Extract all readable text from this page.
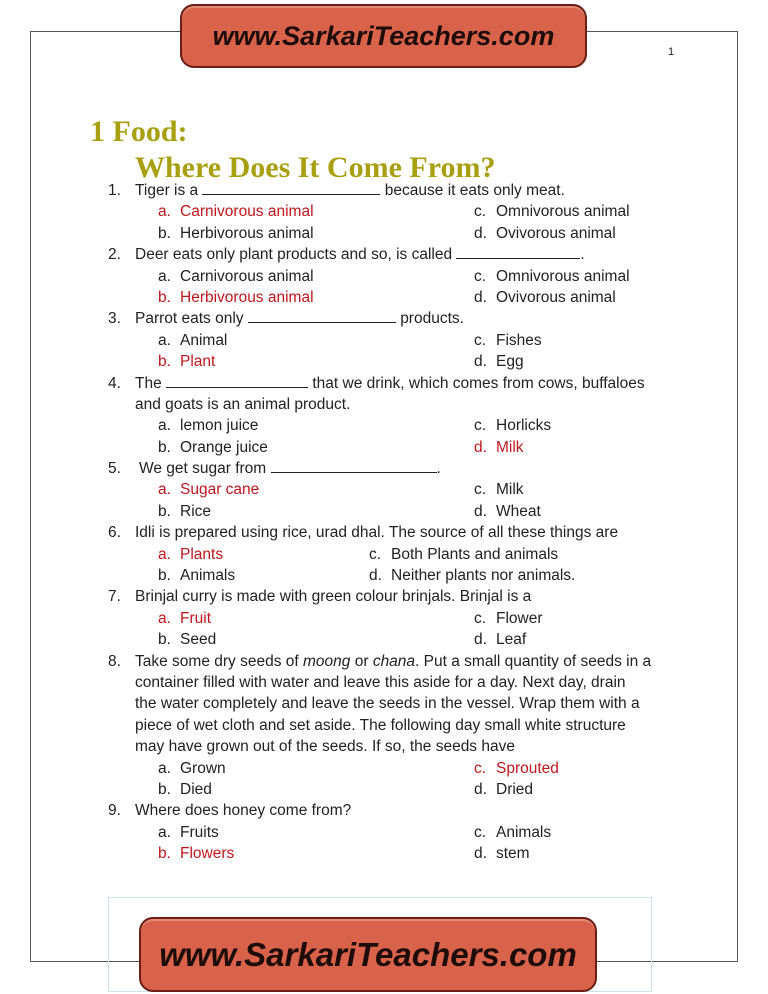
www.SarkariTeachers.com
1
1 Food:
Where Does It Come From?
1. Tiger is a	because it eats only meat.
a. Carnivorous animal	c. Omnivorous animal
b. Herbivorous animal	d. Ovivorous animal
2. Deer eats only plant products and so, is called	.
a. Carnivorous animal	c. Omnivorous animal
b. Herbivorous animal	d. Ovivorous animal
3. Parrot eats only	products.
a. Animal	c. Fishes
b. Plant	d. Egg
4. The	that we drink, which comes from cows, buffaloes
and goats is an animal product.
a. lemon juice	c. Horlicks
b. Orange juice	d. Milk
5.	We get sugar from	.
a. Sugar cane	c. Milk
b. Rice	d. Wheat
6. Idli is prepared using rice, urad dhal. The source of all these things are
a. Plants	c. Both Plants and animals
b. Animals	d. Neither plants nor animals.
7. Brinjal curry is made with green colour brinjals. Brinjal is a
a. Fruit	c. Flower
b. Seed	d. Leaf
8. Take some dry seeds of moong or chana. Put a small quantity of seeds in a
container filled with water and leave this aside for a day. Next day, drain
the water completely and leave the seeds in the vessel. Wrap them with a
piece of wet cloth and set aside. The following day small white structure
may have grown out of the seeds. If so, the seeds have
a. Grown	c. Sprouted
b. Died	d. Dried
9. Where does honey come from?
a. Fruits	c. Animals
b. Flowers	d. stem
www.SarkariTeachers.com
